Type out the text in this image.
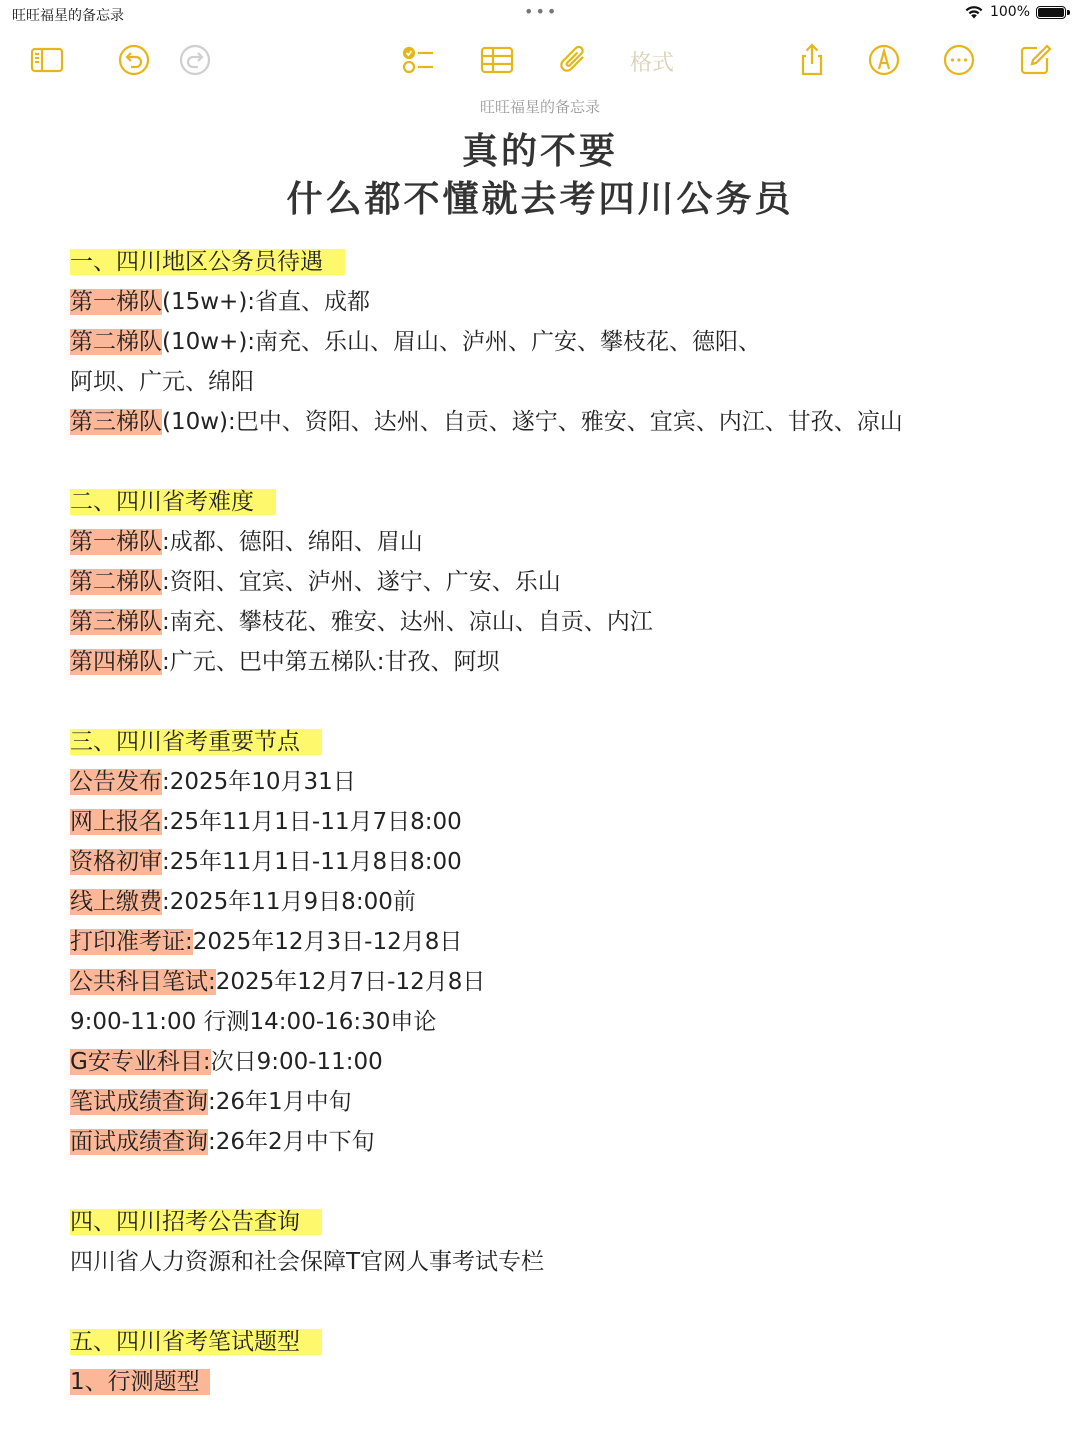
旺旺福星的备忘录	•••	100%
格式
旺旺福星的备忘录
真的不要
什么都不懂就去考四川公务员
一、四川地区公务员待遇
第一梯队(15w+):省直、成都
第二梯队(10w+):南充、乐山、眉山、泸州、广安、攀枝花、德阳、
阿坝、广元、绵阳
第三梯队(10w):巴中、资阳、达州、自贡、遂宁、雅安、宜宾、内江、甘孜、凉山
二、四川省考难度
第一梯队:成都、德阳、绵阳、眉山
第二梯队:资阳、宜宾、泸州、遂宁、广安、乐山
第三梯队:南充、攀枝花、雅安、达州、凉山、自贡、内江
第四梯队:广元、巴中第五梯队:甘孜、阿坝
三、四川省考重要节点
公告发布:2025年10月31日
网上报名:25年11月1日-11月7日8:00
资格初审:25年11月1日-11月8日8:00
线上缴费:2025年11月9日8:00前
打印准考证:2025年12月3日-12月8日
公共科目笔试:2025年12月7日-12月8日
9:00-11:00 行测14:00-16:30申论
G安专业科目:次日9:00-11:00
笔试成绩查询:26年1月中旬
面试成绩查询:26年2月中下旬
四、四川招考公告查询
四川省人力资源和社会保障T官网人事考试专栏
五、四川省考笔试题型
1、行测题型
